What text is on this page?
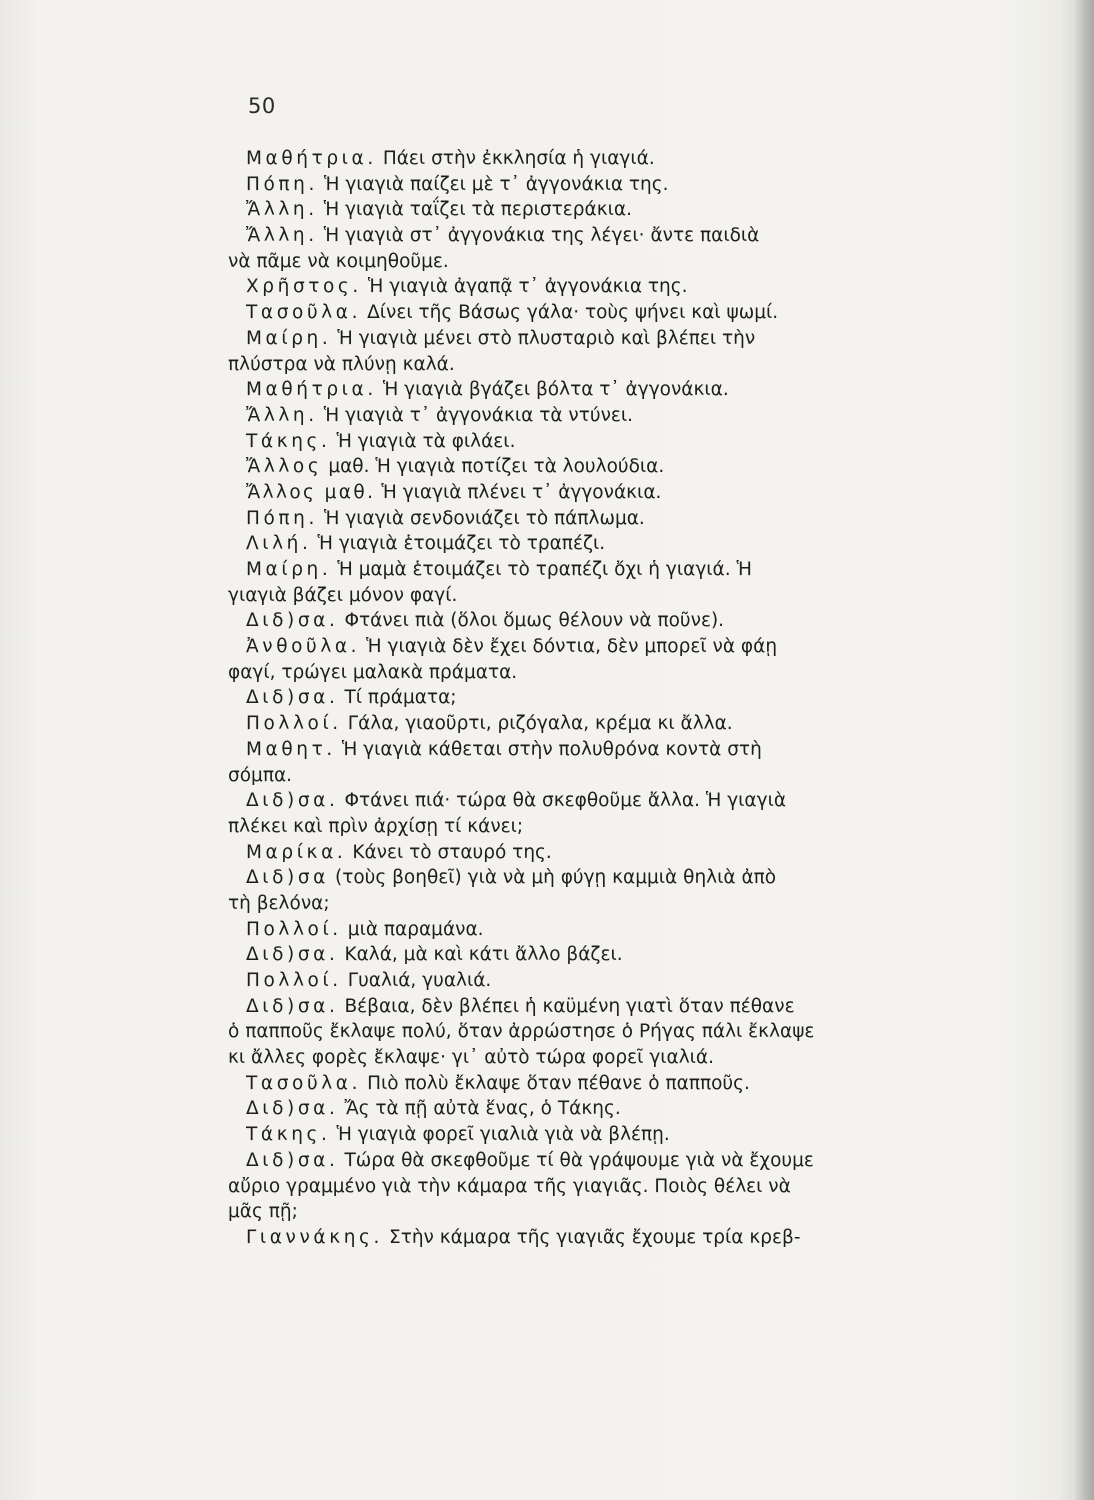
50
Μαθήτρια. Πάει στὴν ἐκκλησία ἡ γιαγιά.
Πόπη. Ἡ γιαγιὰ παίζει μὲ τ᾿ ἀγγονάκια της.
Ἄλλη. Ἡ γιαγιὰ ταΐζει τὰ περιστεράκια.
Ἄλλη. Ἡ γιαγιὰ στ᾿ ἀγγονάκια της λέγει· ἄντε παιδιὰ
νὰ πᾶμε νὰ κοιμηθοῦμε.
Χρῆστος. Ἡ γιαγιὰ ἀγαπᾷ τ᾿ ἀγγονάκια της.
Τασοῦλα. Δίνει τῆς Βάσως γάλα· τοὺς ψήνει καὶ ψωμί.
Μαίρη. Ἡ γιαγιὰ μένει στὸ πλυσταριὸ καὶ βλέπει τὴν
πλύστρα νὰ πλύνῃ καλά.
Μαθήτρια. Ἡ γιαγιὰ βγάζει βόλτα τ᾿ ἀγγονάκια.
Ἄλλη. Ἡ γιαγιὰ τ᾿ ἀγγονάκια τὰ ντύνει.
Τάκης. Ἡ γιαγιὰ τὰ φιλάει.
Ἄλλος μαθ. Ἡ γιαγιὰ ποτίζει τὰ λουλούδια.
Ἄλλος μαθ. Ἡ γιαγιὰ πλένει τ᾿ ἀγγονάκια.
Πόπη. Ἡ γιαγιὰ σενδονιάζει τὸ πάπλωμα.
Λιλή. Ἡ γιαγιὰ ἑτοιμάζει τὸ τραπέζι.
Μαίρη. Ἡ μαμὰ ἑτοιμάζει τὸ τραπέζι ὄχι ἡ γιαγιά. Ἡ
γιαγιὰ βάζει μόνον φαγί.
Διδ)σα. Φτάνει πιὰ (ὅλοι ὅμως θέλουν νὰ ποῦνε).
Ἀνθοῦλα. Ἡ γιαγιὰ δὲν ἔχει δόντια, δὲν μπορεῖ νὰ φάῃ
φαγί, τρώγει μαλακὰ πράματα.
Διδ)σα. Τί πράματα;
Πολλοί. Γάλα, γιαοῦρτι, ριζόγαλα, κρέμα κι ἄλλα.
Μαθητ. Ἡ γιαγιὰ κάθεται στὴν πολυθρόνα κοντὰ στὴ
σόμπα.
Διδ)σα. Φτάνει πιά· τώρα θὰ σκεφθοῦμε ἄλλα. Ἡ γιαγιὰ
πλέκει καὶ πρὶν ἀρχίσῃ τί κάνει;
Μαρίκα. Κάνει τὸ σταυρό της.
Διδ)σα (τοὺς βοηθεῖ) γιὰ νὰ μὴ φύγῃ καμμιὰ θηλιὰ ἀπὸ
τὴ βελόνα;
Πολλοί. μιὰ παραμάνα.
Διδ)σα. Καλά, μὰ καὶ κάτι ἄλλο βάζει.
Πολλοί. Γυαλιά, γυαλιά.
Διδ)σα. Βέβαια, δὲν βλέπει ἡ καϋμένη γιατὶ ὅταν πέθανε
ὁ παπποῦς ἔκλαψε πολύ, ὅταν ἀρρώστησε ὁ Ρήγας πάλι ἔκλαψε
κι ἄλλες φορὲς ἔκλαψε· γι᾿ αὐτὸ τώρα φορεῖ γιαλιά.
Τασοῦλα. Πιὸ πολὺ ἔκλαψε ὅταν πέθανε ὁ παπποῦς.
Διδ)σα. Ἄς τὰ πῇ αὐτὰ ἕνας, ὁ Τάκης.
Τάκης. Ἡ γιαγιὰ φορεῖ γιαλιὰ γιὰ νὰ βλέπῃ.
Διδ)σα. Τώρα θὰ σκεφθοῦμε τί θὰ γράψουμε γιὰ νὰ ἔχουμε
αὔριο γραμμένο γιὰ τὴν κάμαρα τῆς γιαγιᾶς. Ποιὸς θέλει νὰ
μᾶς πῇ;
Γιαννάκης. Στὴν κάμαρα τῆς γιαγιᾶς ἔχουμε τρία κρεβ-
